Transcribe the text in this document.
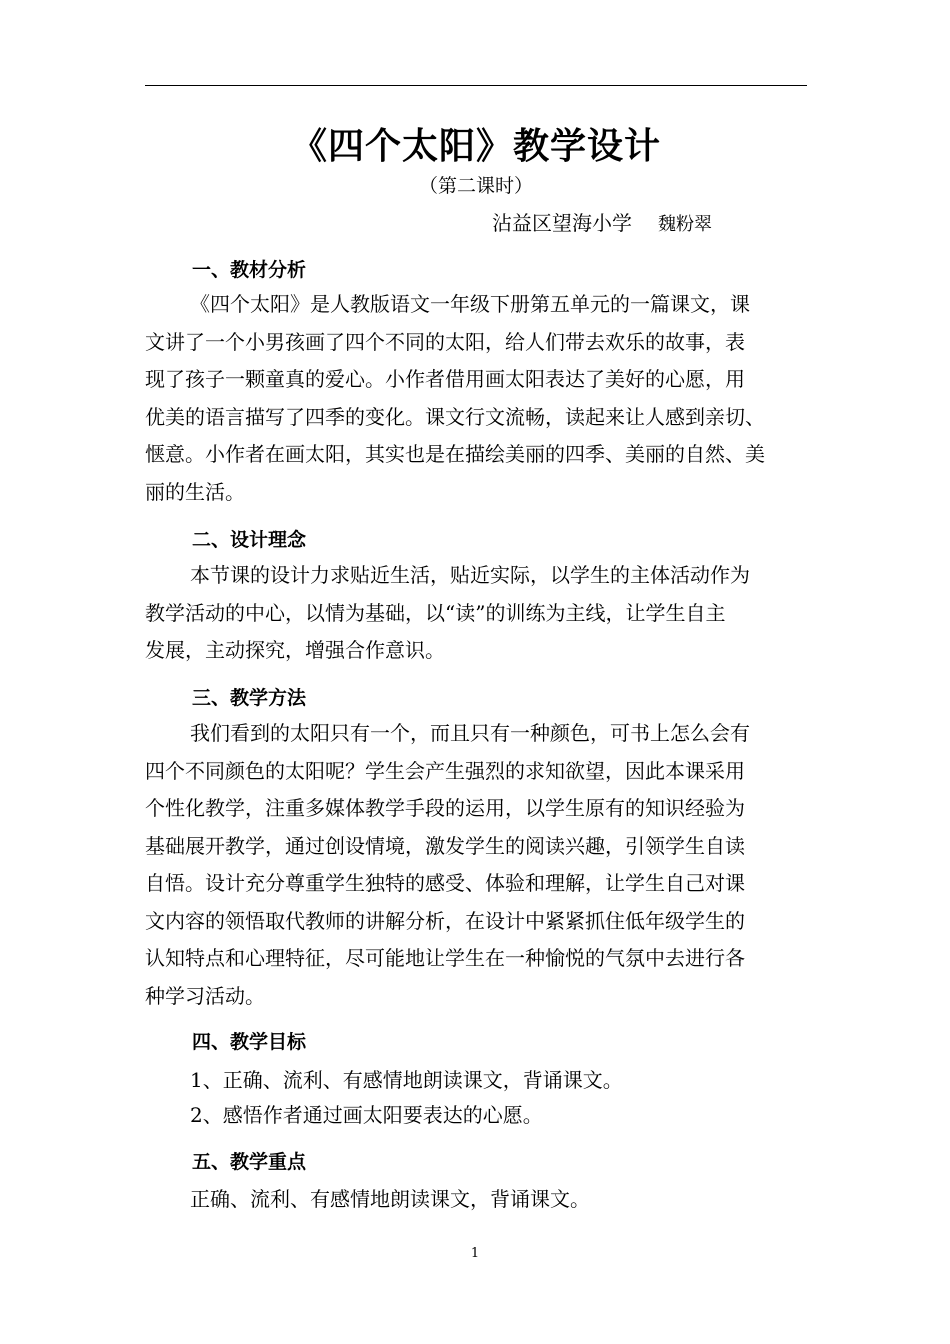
《四个太阳》教学设计
（第二课时）
沾益区望海小学 魏粉翠
一、教材分析
《四个太阳》是人教版语文一年级下册第五单元的一篇课文，课
文讲了一个小男孩画了四个不同的太阳，给人们带去欢乐的故事，表
现了孩子一颗童真的爱心。小作者借用画太阳表达了美好的心愿，用
优美的语言描写了四季的变化。课文行文流畅，读起来让人感到亲切、
惬意。小作者在画太阳，其实也是在描绘美丽的四季、美丽的自然、美
丽的生活。
二、设计理念
本节课的设计力求贴近生活，贴近实际，以学生的主体活动作为
教学活动的中心，以情为基础，以“读”的训练为主线，让学生自主
发展，主动探究，增强合作意识。
三、教学方法
我们看到的太阳只有一个，而且只有一种颜色，可书上怎么会有
四个不同颜色的太阳呢？学生会产生强烈的求知欲望，因此本课采用
个性化教学，注重多媒体教学手段的运用，以学生原有的知识经验为
基础展开教学，通过创设情境，激发学生的阅读兴趣，引领学生自读
自悟。设计充分尊重学生独特的感受、体验和理解，让学生自己对课
文内容的领悟取代教师的讲解分析，在设计中紧紧抓住低年级学生的
认知特点和心理特征，尽可能地让学生在一种愉悦的气氛中去进行各
种学习活动。
四、教学目标
1、正确、流利、有感情地朗读课文，背诵课文。
2、感悟作者通过画太阳要表达的心愿。
五、教学重点
正确、流利、有感情地朗读课文，背诵课文。
1
